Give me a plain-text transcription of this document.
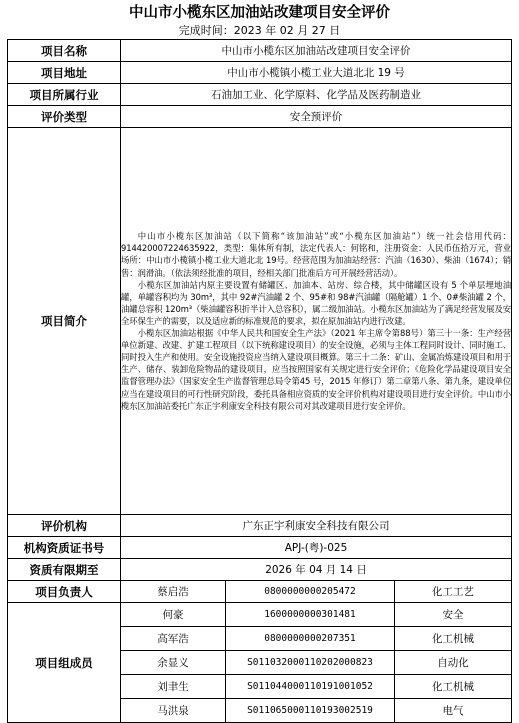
中山市小榄东区加油站改建项目安全评价
完成时间：2023 年 02 月 27 日
项目名称	中山市小榄东区加油站改建项目安全评价		
项目地址	中山市小榄镇小榄工业大道北北 19 号		
项目所属行业	石油加工业、化学原料、化学品及医药制造业		
评价类型	安全预评价		
项目简介	中山市小榄东区加油站（以下简称“该加油站”或“小榄东区加油站”）统一社会信用代码：914420007224635922，类型：集体所有制，法定代表人：何铭和，注册资金：人民币伍拾万元，营业场所：中山市小榄镇小榄工业大道北北 19号。经营范围为加油站经营：汽油（1630）、柴油（1674）；销售：润滑油。（依法须经批准的项目，经相关部门批准后方可开展经营活动）。

小榄东区加油站内原主要设置有储罐区、加油本、站房、综合楼，其中储罐区设有 5 个单层埋地油罐，单罐容积均为 30m³，其中 92#汽油罐 2 个、95#和 98#汽油罐（隔舱罐）1 个、0#柴油罐 2 个，油罐总容积 120m³（柴油罐容积折半计入总容积），属二级加油站。小榄东区加油站为了满足经营发展及安全环保生产的需要，以及适应新的标准规范的要求，拟在原加油站内进行改建。

小榄东区加油站根据《中华人民共和国安全生产法》（2021 年主席令第88号）第三十一条：生产经营单位新建、改建、扩建工程项目（以下统称建设项目）的安全设施，必须与主体工程同时设计、同时施工、同时投入生产和使用。安全设施投资应当纳入建设项目概算。第三十二条：矿山、金属冶炼建设项目和用于生产、储存、装卸危险物品的建设项目，应当按照国家有关规定进行安全评价；《危险化学品建设项目安全监督管理办法》（国家安全生产监督管理总局令第45 号，2015 年修订）第二章第八条、第九条，建设单位应当在建设项目的可行性研究阶段，委托具备相应资质的安全评价机构对建设项目进行安全评价。中山市小榄东区加油站委托广东正宇利康安全科技有限公司对其改建项目进行安全评价。		

评价机构	广东正宇利康安全科技有限公司		
机构资质证书号	APJ-(粤)-025		
资质有限期至	2026 年 04 月 14 日		
项目负责人	蔡启浩	0800000000205472	化工工艺
项目组成员	何豪	1600000000301481	安全
	高军浩	0800000000207351	化工机械
	余显义	S011032000110202000823	自动化
	刘聿生	S011044000110191001052	化工机械
	马洪泉	S011065000110193002519	电气
